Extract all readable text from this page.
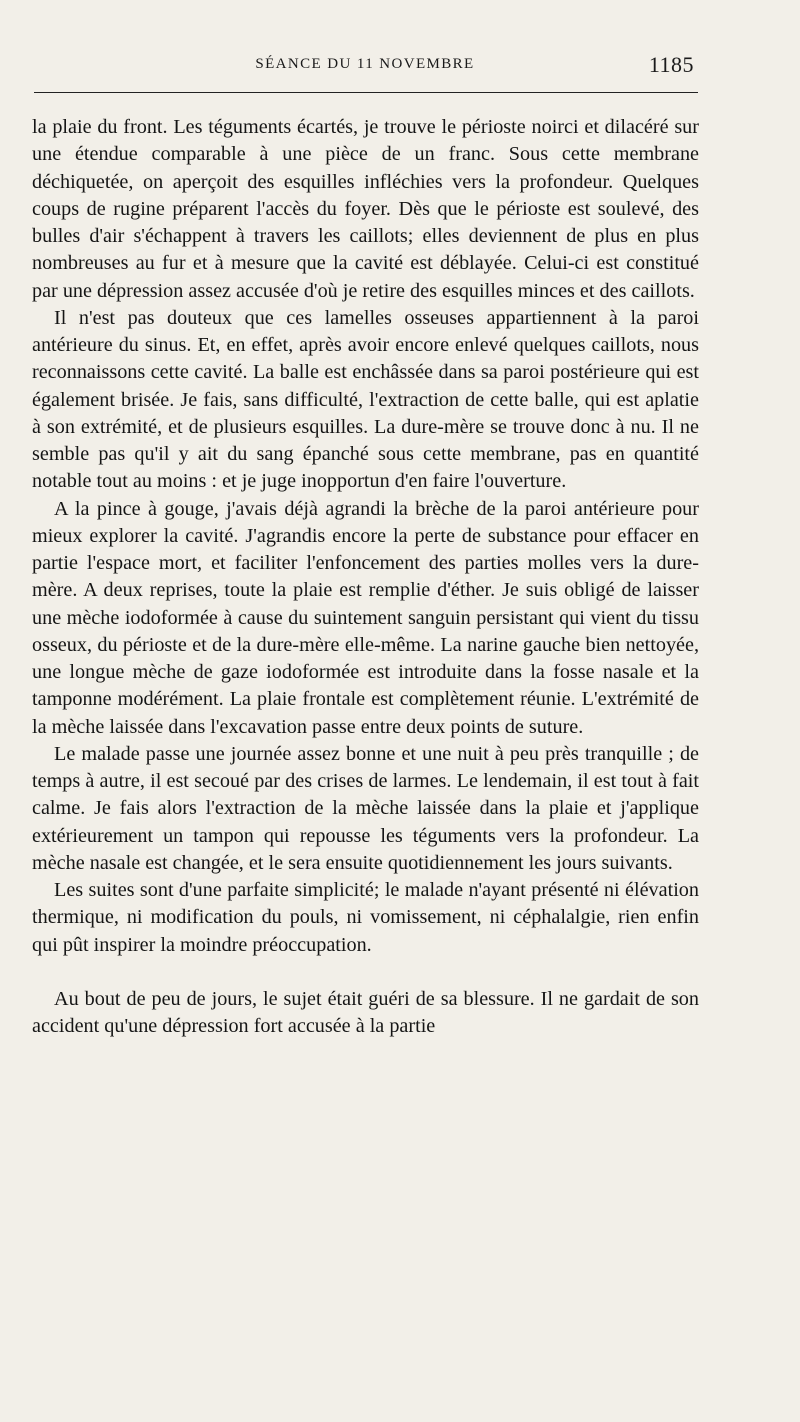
SÉANCE DU 11 NOVEMBRE	1185

la plaie du front. Les téguments écartés, je trouve le périoste noirci et dilacéré sur une étendue comparable à une pièce de un franc. Sous cette membrane déchiquetée, on aperçoit des esquilles infléchies vers la profondeur. Quelques coups de rugine préparent l'accès du foyer. Dès que le périoste est soulevé, des bulles d'air s'échappent à travers les caillots; elles deviennent de plus en plus nombreuses au fur et à mesure que la cavité est déblayée. Celui-ci est constitué par une dépression assez accusée d'où je retire des esquilles minces et des caillots.

Il n'est pas douteux que ces lamelles osseuses appartiennent à la paroi antérieure du sinus. Et, en effet, après avoir encore enlevé quelques caillots, nous reconnaissons cette cavité. La balle est enchâssée dans sa paroi postérieure qui est également brisée. Je fais, sans difficulté, l'extraction de cette balle, qui est aplatie à son extrémité, et de plusieurs esquilles. La dure-mère se trouve donc à nu. Il ne semble pas qu'il y ait du sang épanché sous cette membrane, pas en quantité notable tout au moins : et je juge inopportun d'en faire l'ouverture.

A la pince à gouge, j'avais déjà agrandi la brèche de la paroi antérieure pour mieux explorer la cavité. J'agrandis encore la perte de substance pour effacer en partie l'espace mort, et faciliter l'enfoncement des parties molles vers la dure-mère. A deux reprises, toute la plaie est remplie d'éther. Je suis obligé de laisser une mèche iodoformée à cause du suintement sanguin persistant qui vient du tissu osseux, du périoste et de la dure-mère elle-même. La narine gauche bien nettoyée, une longue mèche de gaze iodoformée est introduite dans la fosse nasale et la tamponne modérément. La plaie frontale est complètement réunie. L'extrémité de la mèche laissée dans l'excavation passe entre deux points de suture.

Le malade passe une journée assez bonne et une nuit à peu près tranquille ; de temps à autre, il est secoué par des crises de larmes. Le lendemain, il est tout à fait calme. Je fais alors l'extraction de la mèche laissée dans la plaie et j'applique extérieurement un tampon qui repousse les téguments vers la profondeur. La mèche nasale est changée, et le sera ensuite quotidiennement les jours suivants.

Les suites sont d'une parfaite simplicité; le malade n'ayant présenté ni élévation thermique, ni modification du pouls, ni vomissement, ni céphalalgie, rien enfin qui pût inspirer la moindre préoccupation.

Au bout de peu de jours, le sujet était guéri de sa blessure. Il ne gardait de son accident qu'une dépression fort accusée à la partie
